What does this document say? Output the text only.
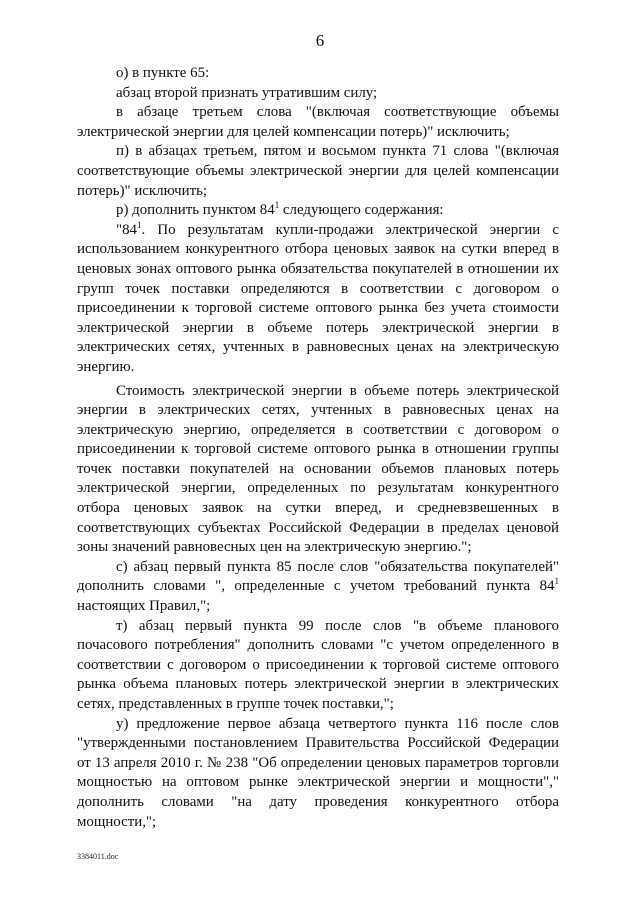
6

о) в пункте 65:

абзац второй признать утратившим силу;

в абзаце третьем слова "(включая соответствующие объемы электрической энергии для целей компенсации потерь)" исключить;

п) в абзацах третьем, пятом и восьмом пункта 71 слова "(включая соответствующие объемы электрической энергии для целей компенсации потерь)" исключить;

р) дополнить пунктом $84^1$ следующего содержания:

"$84^1$. По результатам купли-продажи электрической энергии с использованием конкурентного отбора ценовых заявок на сутки вперед в ценовых зонах оптового рынка обязательства покупателей в отношении их групп точек поставки определяются в соответствии с договором о присоединении к торговой системе оптового рынка без учета стоимости электрической энергии в объеме потерь электрической энергии в электрических сетях, учтенных в равновесных ценах на электрическую энергию.

Стоимость электрической энергии в объеме потерь электрической энергии в электрических сетях, учтенных в равновесных ценах на электрическую энергию, определяется в соответствии с договором о присоединении к торговой системе оптового рынка в отношении группы точек поставки покупателей на основании объемов плановых потерь электрической энергии, определенных по результатам конкурентного отбора ценовых заявок на сутки вперед, и средневзвешенных в соответствующих субъектах Российской Федерации в пределах ценовой зоны значений равновесных цен на электрическую энергию.";

с) абзац первый пункта 85 после слов "обязательства покупателей" дополнить словами ", определенные с учетом требований пункта $84^1$ настоящих Правил,";

т) абзац первый пункта 99 после слов "в объеме планового почасового потребления" дополнить словами "с учетом определенного в соответствии с договором о присоединении к торговой системе оптового рынка объема плановых потерь электрической энергии в электрических сетях, представленных в группе точек поставки,";

у) предложение первое абзаца четвертого пункта 116 после слов "утвержденными постановлением Правительства Российской Федерации от 13 апреля 2010 г. № 238 "Об определении ценовых параметров торговли мощностью на оптовом рынке электрической энергии и мощности"," дополнить словами "на дату проведения конкурентного отбора мощности,";

3384011.doc
